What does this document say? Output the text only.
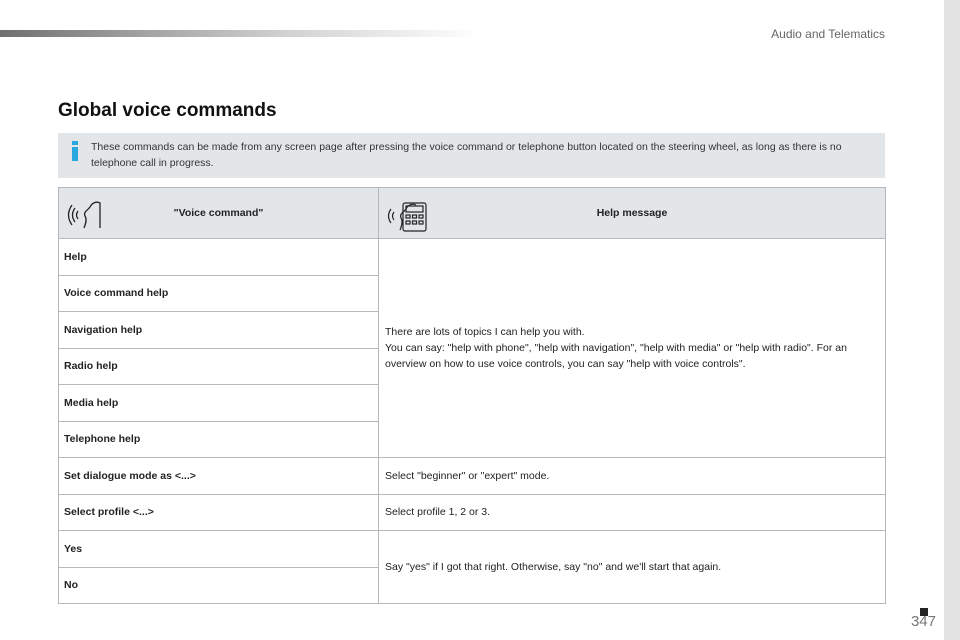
Audio and Telematics
Global voice commands
These commands can be made from any screen page after pressing the voice command or telephone button located on the steering wheel, as long as there is no telephone call in progress.
"Voice command"	Help message
Help	There are lots of topics I can help you with.
You can say: "help with phone", "help with navigation", "help with media" or "help with radio". For an overview on how to use voice controls, you can say "help with voice controls".

Voice command help	
Navigation help	
Radio help	
Media help	
Telephone help	
Set dialogue mode as <...>	Select "beginner" or "expert" mode.
Select profile <...>	Select profile 1, 2 or 3.
Yes	Say "yes" if I got that right. Otherwise, say "no" and we'll start that again.
No	
347
